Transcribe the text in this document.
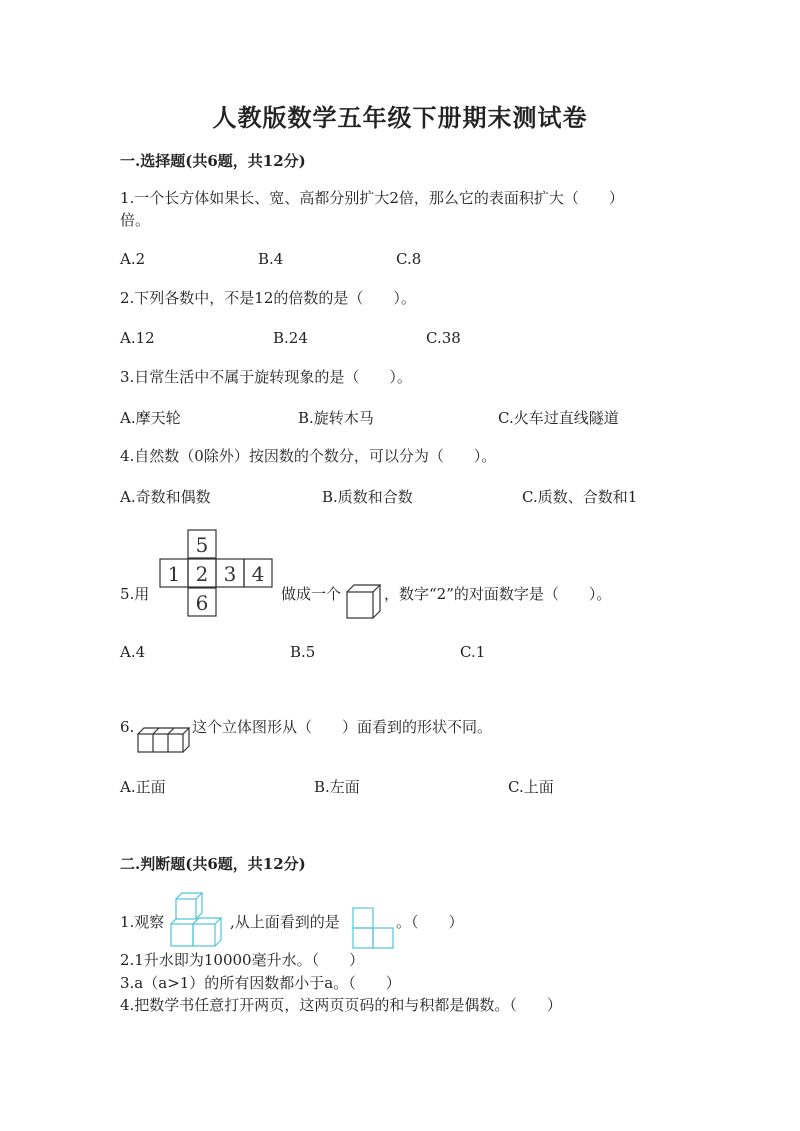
人教版数学五年级下册期末测试卷
一.选择题(共6题，共12分)
1.一个长方体如果长、宽、高都分别扩大2倍，那么它的表面积扩大（　　）
倍。
A.2	B.4	C.8
2.下列各数中，不是12的倍数的是（　　）。
A.12	B.24	C.38
3.日常生活中不属于旋转现象的是（　　）。
A.摩天轮	B.旋转木马	C.火车过直线隧道
4.自然数（0除外）按因数的个数分，可以分为（　　）。
A.奇数和偶数	B.质数和合数	C.质数、合数和1
5.用
5
1 2 3 4
6	做成一个	，数字“2”的对面数字是（　　）。
A.4	B.5	C.1
6.	这个立体图形从（　　）面看到的形状不同。
A.正面	B.左面	C.上面
二.判断题(共6题，共12分)
1.观察	,从上面看到的是	。（　　）
2.1升水即为10000毫升水。（　　）
3.a（a>1）的所有因数都小于a。（　　）
4.把数学书任意打开两页，这两页页码的和与积都是偶数。（　　）
